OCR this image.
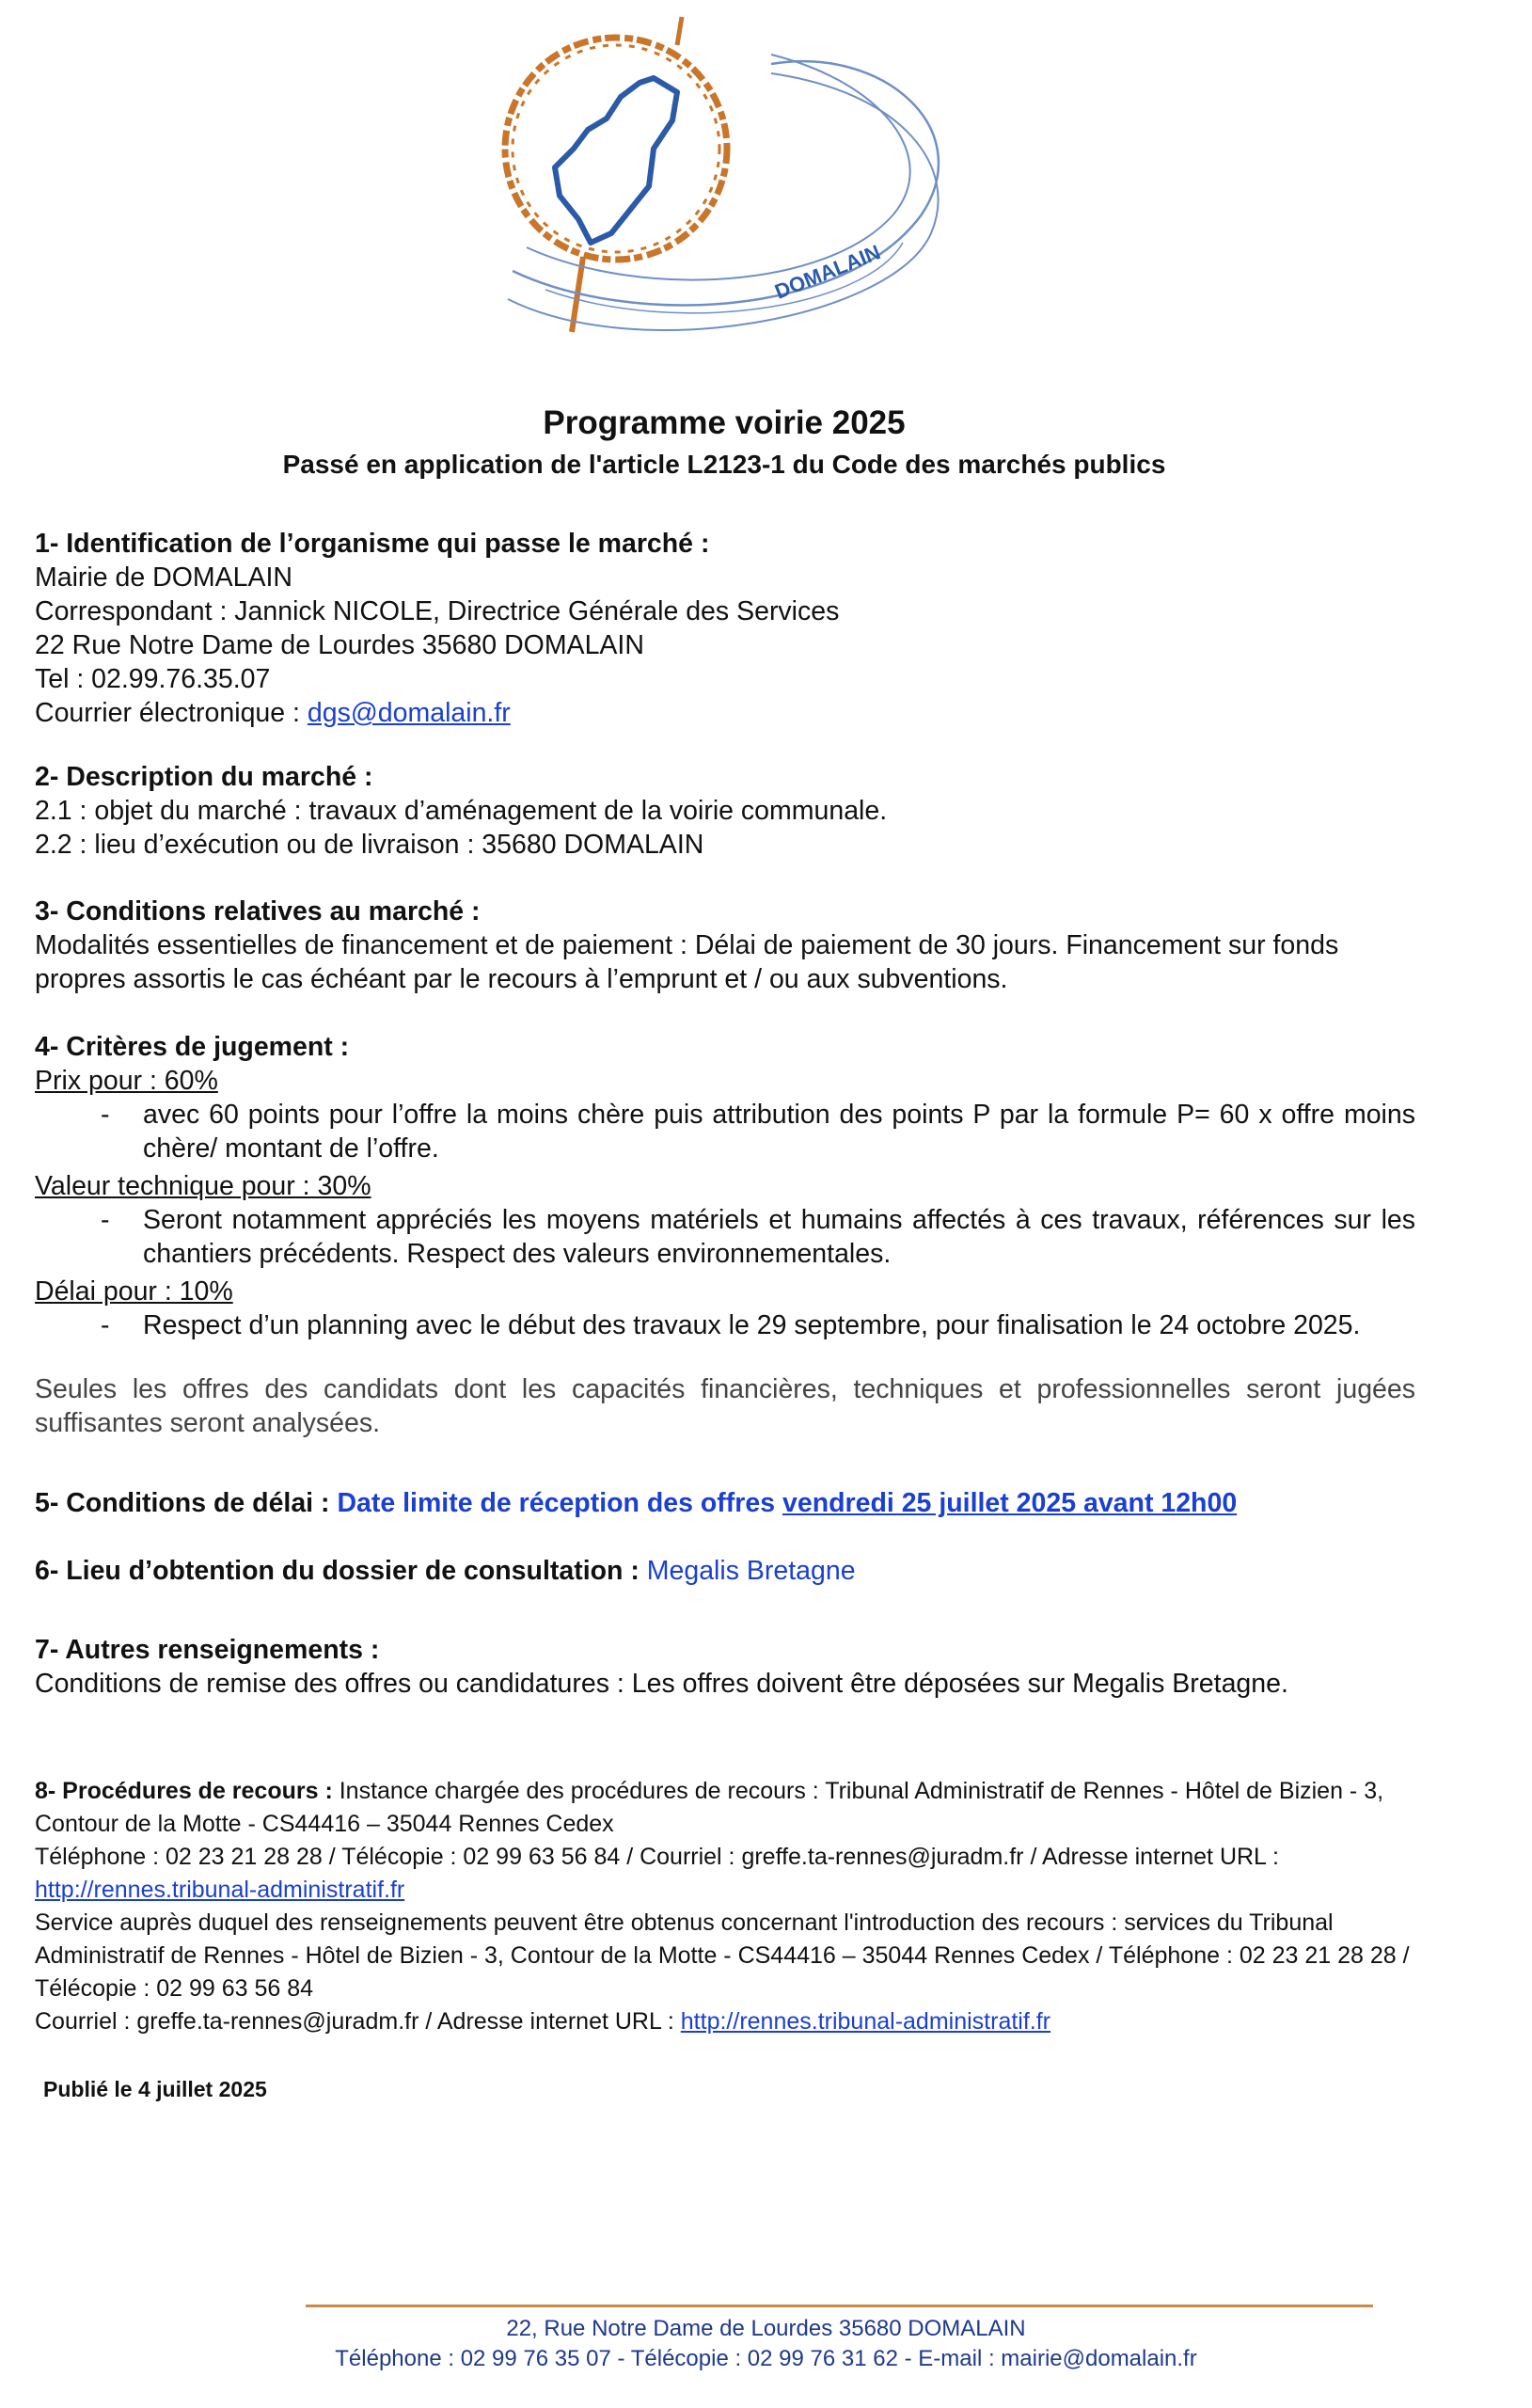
DOMALAIN
Programme voirie 2025
Passé en application de l'article L2123-1 du Code des marchés publics
1- Identification de l’organisme qui passe le marché :
Mairie de DOMALAIN
Correspondant : Jannick NICOLE, Directrice Générale des Services
22 Rue Notre Dame de Lourdes 35680 DOMALAIN
Tel : 02.99.76.35.07
Courrier électronique : dgs@domalain.fr
2- Description du marché :
2.1 : objet du marché : travaux d’aménagement de la voirie communale.
2.2 : lieu d’exécution ou de livraison : 35680 DOMALAIN
3- Conditions relatives au marché :
Modalités essentielles de financement et de paiement : Délai de paiement de 30 jours. Financement sur fonds propres assortis le cas échéant par le recours à l’emprunt et / ou aux subventions.
4- Critères de jugement :
Prix pour : 60%
-	avec 60 points pour l’offre la moins chère puis attribution des points P par la formule P= 60 x offre moins chère/ montant de l’offre.
Valeur technique pour : 30%
-	Seront notamment appréciés les moyens matériels et humains affectés à ces travaux, références sur les chantiers précédents. Respect des valeurs environnementales.
Délai pour : 10%
-	Respect d’un planning avec le début des travaux le 29 septembre, pour finalisation le 24 octobre 2025.
Seules les offres des candidats dont les capacités financières, techniques et professionnelles seront jugées suffisantes seront analysées.
5- Conditions de délai : Date limite de réception des offres vendredi 25 juillet 2025 avant 12h00
6- Lieu d’obtention du dossier de consultation : Megalis Bretagne
7- Autres renseignements :
Conditions de remise des offres ou candidatures : Les offres doivent être déposées sur Megalis Bretagne.
8- Procédures de recours : Instance chargée des procédures de recours : Tribunal Administratif de Rennes - Hôtel de Bizien - 3, Contour de la Motte - CS44416 – 35044 Rennes Cedex
Téléphone : 02 23 21 28 28 / Télécopie : 02 99 63 56 84 / Courriel : greffe.ta-rennes@juradm.fr / Adresse internet URL : http://rennes.tribunal-administratif.fr
Service auprès duquel des renseignements peuvent être obtenus concernant l'introduction des recours : services du Tribunal Administratif de Rennes - Hôtel de Bizien - 3, Contour de la Motte - CS44416 – 35044 Rennes Cedex / Téléphone : 02 23 21 28 28 / Télécopie : 02 99 63 56 84
Courriel : greffe.ta-rennes@juradm.fr / Adresse internet URL : http://rennes.tribunal-administratif.fr
Publié le 4 juillet 2025
22, Rue Notre Dame de Lourdes 35680 DOMALAIN
Téléphone : 02 99 76 35 07 - Télécopie : 02 99 76 31 62 - E-mail : mairie@domalain.fr
